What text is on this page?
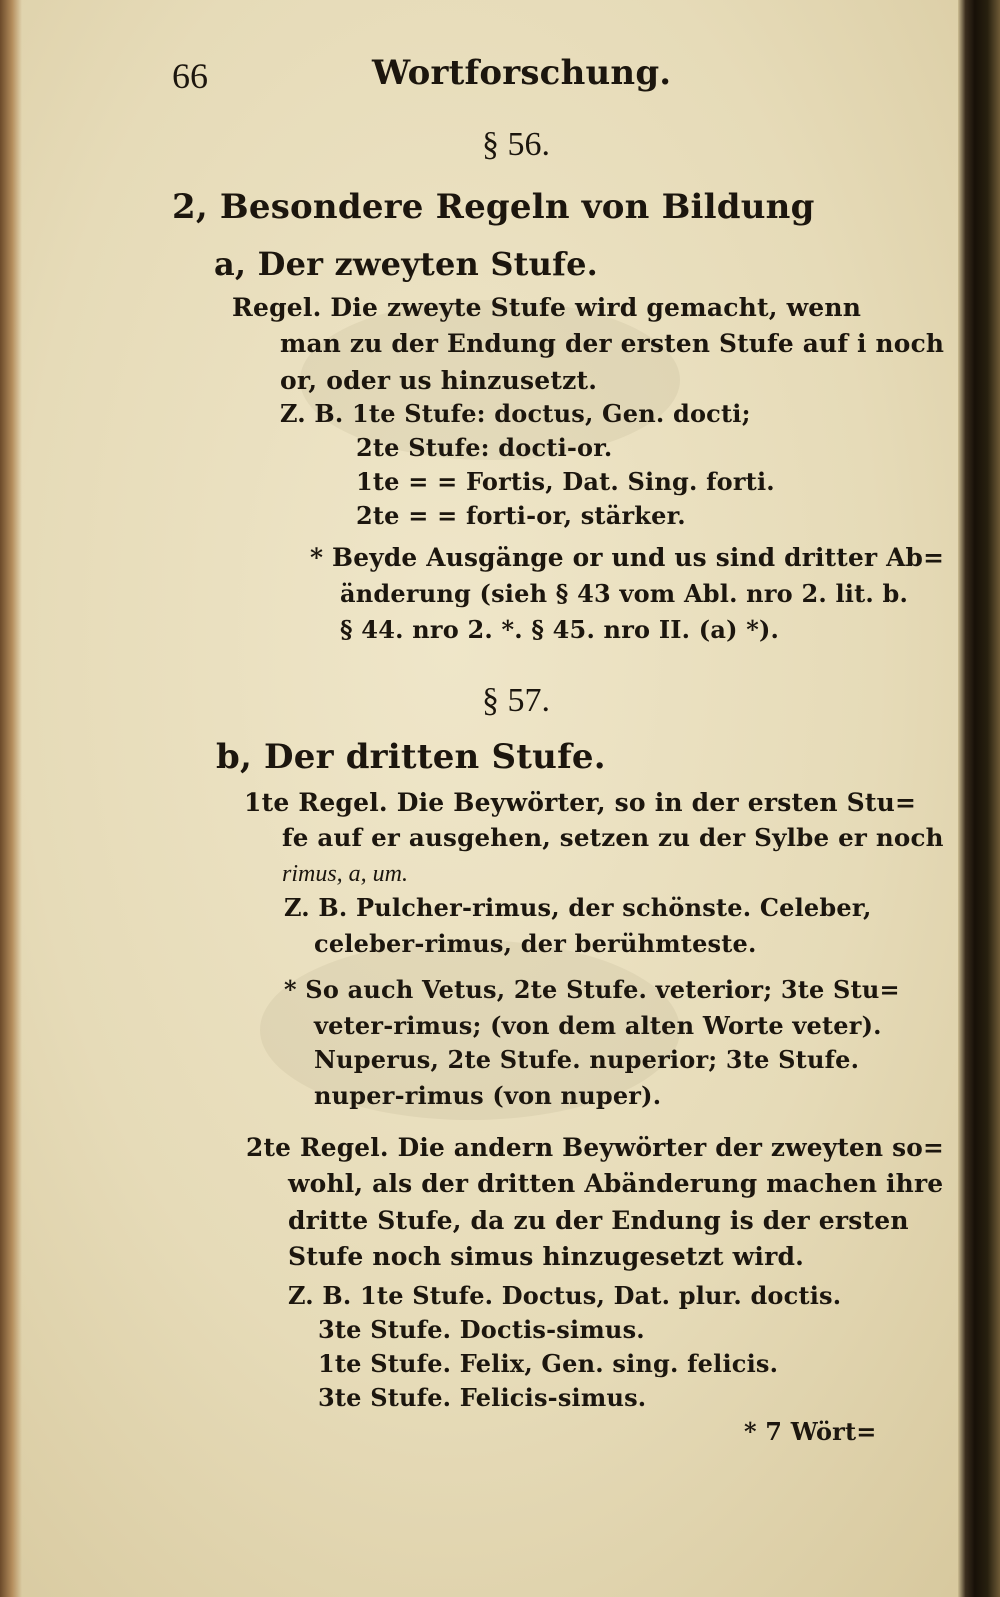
66	Wortforschung.
§ 56.
2, Besondere Regeln von Bildung
a, Der zweyten Stufe.
Regel. Die zweyte Stufe wird gemacht, wenn
man zu der Endung der ersten Stufe auf i noch
or, oder us hinzusetzt.
Z. B. 1te Stufe: doctus, Gen. docti;
2te Stufe: docti-or.
1te = = Fortis, Dat. Sing. forti.
2te = = forti-or, stärker.
* Beyde Ausgänge or und us sind dritter Ab=
änderung (sieh § 43 vom Abl. nro 2. lit. b.
§ 44. nro 2. *. § 45. nro II. (a) *).
§ 57.
b, Der dritten Stufe.
1te Regel. Die Beywörter, so in der ersten Stu=
fe auf er ausgehen, setzen zu der Sylbe er noch
rimus, a, um.
Z. B. Pulcher-rimus, der schönste. Celeber,
celeber-rimus, der berühmteste.
* So auch Vetus, 2te Stufe. veterior; 3te Stu=
veter-rimus; (von dem alten Worte veter).
Nuperus, 2te Stufe. nuperior; 3te Stufe.
nuper-rimus (von nuper).
2te Regel. Die andern Beywörter der zweyten so=
wohl, als der dritten Abänderung machen ihre
dritte Stufe, da zu der Endung is der ersten
Stufe noch simus hinzugesetzt wird.
Z. B. 1te Stufe. Doctus, Dat. plur. doctis.
3te Stufe. Doctis-simus.
1te Stufe. Felix, Gen. sing. felicis.
3te Stufe. Felicis-simus.
* 7 Wört=
